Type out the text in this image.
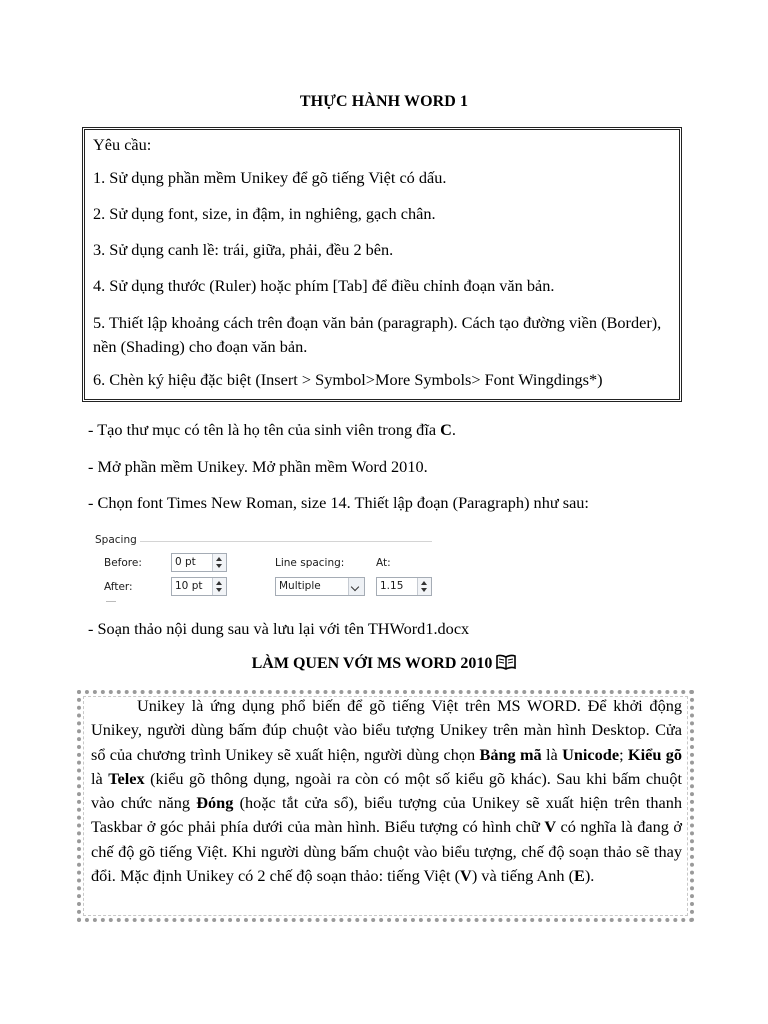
THỰC HÀNH WORD 1

Yêu cầu:

1. Sử dụng phần mềm Unikey để gõ tiếng Việt có dấu.

2. Sử dụng font, size, in đậm, in nghiêng, gạch chân.

3. Sử dụng canh lề: trái, giữa, phải, đều 2 bên.

4. Sử dụng thước (Ruler) hoặc phím [Tab] để điều chỉnh đoạn văn bản.

5. Thiết lập khoảng cách trên đoạn văn bản (paragraph). Cách tạo đường viền (Border), nền (Shading) cho đoạn văn bản.

6. Chèn ký hiệu đặc biệt (Insert > Symbol>More Symbols> Font Wingdings*)

- Tạo thư mục có tên là họ tên của sinh viên trong đĩa C.

- Mở phần mềm Unikey. Mở phần mềm Word 2010.

- Chọn font Times New Roman, size 14. Thiết lập đoạn (Paragraph) như sau:

Spacing
Before:	0 pt
After:	10 pt
Line spacing:
Multiple
At:
1.15

- Soạn thảo nội dung sau và lưu lại với tên THWord1.docx

LÀM QUEN VỚI MS WORD 2010

Unikey là ứng dụng phổ biến để gõ tiếng Việt trên MS WORD. Để khởi động Unikey, người dùng bấm đúp chuột vào biểu tượng Unikey trên màn hình Desktop. Cửa sổ của chương trình Unikey sẽ xuất hiện, người dùng chọn Bảng mã là Unicode; Kiểu gõ là Telex (kiểu gõ thông dụng, ngoài ra còn có một số kiểu gõ khác). Sau khi bấm chuột vào chức năng Đóng (hoặc tắt cửa sổ), biểu tượng của Unikey sẽ xuất hiện trên thanh Taskbar ở góc phải phía dưới của màn hình. Biểu tượng có hình chữ V có nghĩa là đang ở chế độ gõ tiếng Việt. Khi người dùng bấm chuột vào biểu tượng, chế độ soạn thảo sẽ thay đổi. Mặc định Unikey có 2 chế độ soạn thảo: tiếng Việt (V) và tiếng Anh (E).
